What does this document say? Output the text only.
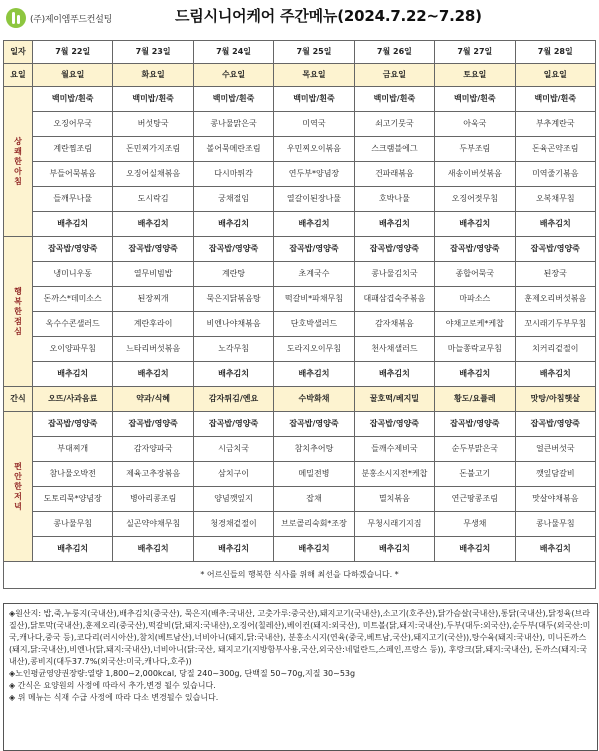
(주)제이엠푸드컨설팅	드림시니어케어 주간메뉴(2024.7.22~7.28)
일자	7월 22일	7월 23일	7월 24일	7월 25일	7월 26일	7월 27일	7월 28일
요일	월요일	화요일	수요일	목요일	금요일	토요일	일요일
상쾌한아침	백미밥/흰죽	백미밥/흰죽	백미밥/흰죽	백미밥/흰죽	백미밥/흰죽	백미밥/흰죽	백미밥/흰죽
	오징어무국	버섯탕국	콩나물맑은국	미역국	쇠고기뭇국	아욱국	부추계란국
	계란찜조림	돈민찌가지조림	볼어묵메란조림	우민찌오이볶음	스크램블에그	두부조림	돈육곤약조림
	부들어묵볶음	오징어실채볶음	다시마튀각	연두부*양념장	건파래볶음	새송이버섯볶음	미역줄기볶음
	들깨무나물	도시락김	궁채절임	열갈이된장나물	호박나물	오징어젓무침	오복채무침
	배추김치	배추김치	배추김치	배추김치	배추김치	배추김치	배추김치
행복한점심	잡곡밥/영양죽	잡곡밥/영양죽	잡곡밥/영양죽	잡곡밥/영양죽	잡곡밥/영양죽	잡곡밥/영양죽	잡곡밥/영양죽
	냉미니우동	열무비빔밥	계란탕	초계국수	콩나물김치국	종합어묵국	된장국
	돈까스*데미소스	된장찌개	묵은지닭볶음탕	떡갈비*파채무침	대패삼겹숙주볶음	마파소스	훈제오리버섯볶음
	옥수수콘샐러드	계란후라이	비엔나야채볶음	단호박샐러드	감자채볶음	야채고로케*케찹	꼬시래기두부무침
	오이양파무침	느타리버섯볶음	노각무침	도라지오이무침	천사채샐러드	마늘쫑락교무침	치커리겉절이
	배추김치	배추김치	배추김치	배추김치	배추김치	배추김치	배추김치
간식	오뜨/사과음료	약과/식혜	감자튀김/옌요	수박화채	꿀호떡/베지밀	황도/요플레	맛탕/아침햇살
편안한저녁	잡곡밥/영양죽	잡곡밥/영양죽	잡곡밥/영양죽	잡곡밥/영양죽	잡곡밥/영양죽	잡곡밥/영양죽	잡곡밥/영양죽
	부대찌개	감자양파국	시금치국	참치추어탕	들깨수제비국	순두부맑은국	얼큰버섯국
	참나물오박전	제육고추장볶음	삼치구이	메밀전병	분홍소시지전*케찹	돈불고기	깻잎담갈비
	도토리묵*양념장	병아리콩조림	양념깻잎지	잡채	멸치볶음	연근땅콩조림	맛살야채볶음
	콩나물무침	실곤약야채무침	청경채겉절이	브로콜리숙회*조장	무청시래기지짐	무생채	콩나물무침
	배추김치	배추김치	배추김치	배추김치	배추김치	배추김치	배추김치
* 어르신들의 행복한 식사를 위해 최선을 다하겠습니다. *							

◈원산지: 밥,죽,누룽지(국내산),배추김치(중국산), 묵은지(배추:국내산, 고춧가루:중국산),돼지고기(국내산),소고기(호주산),닭가슴살(국내산),통닭(국내산),닭정육(브라질산),닭토막(국내산),훈제오리(중국산),떡갈비(닭,돼지:국내산),오징어(칠레산),베이컨(돼지:외국산), 미트볼(닭,돼지:국내산),두부(대두:외국산),순두부(대두(외국산:미국,캐나다,중국 등),코다리(러시아산),참치(베트남산),너비아니(돼지,닭:국내산), 분홍소시지(연육(중국,베트남,국산),돼지고기(국산)),탕수육(돼지:국내산), 미니돈까스(돼지,닭:국내산),비엔나(닭,돼지:국내산),너비아니(닭:국산, 돼지고기(지방함부사용,국산,외국산:네덜란드,스페인,프랑스 등)), 후랑크(닭,돼지:국내산), 돈까스(돼지:국내산),콩비지(대두37.7%(외국산:미국,캐나다,호주))

◈노인평균영양권장량:열량 1,800~2,000kcal, 당질 240~300g, 단백질 50~70g,지질 30~53g

◈ 간식은 요양원의 사정에 따라서 추가,변경 될수 있습니다.

◈ 위 메뉴는 식재 수급 사정에 따라 다소 변경될수 있습니다.
